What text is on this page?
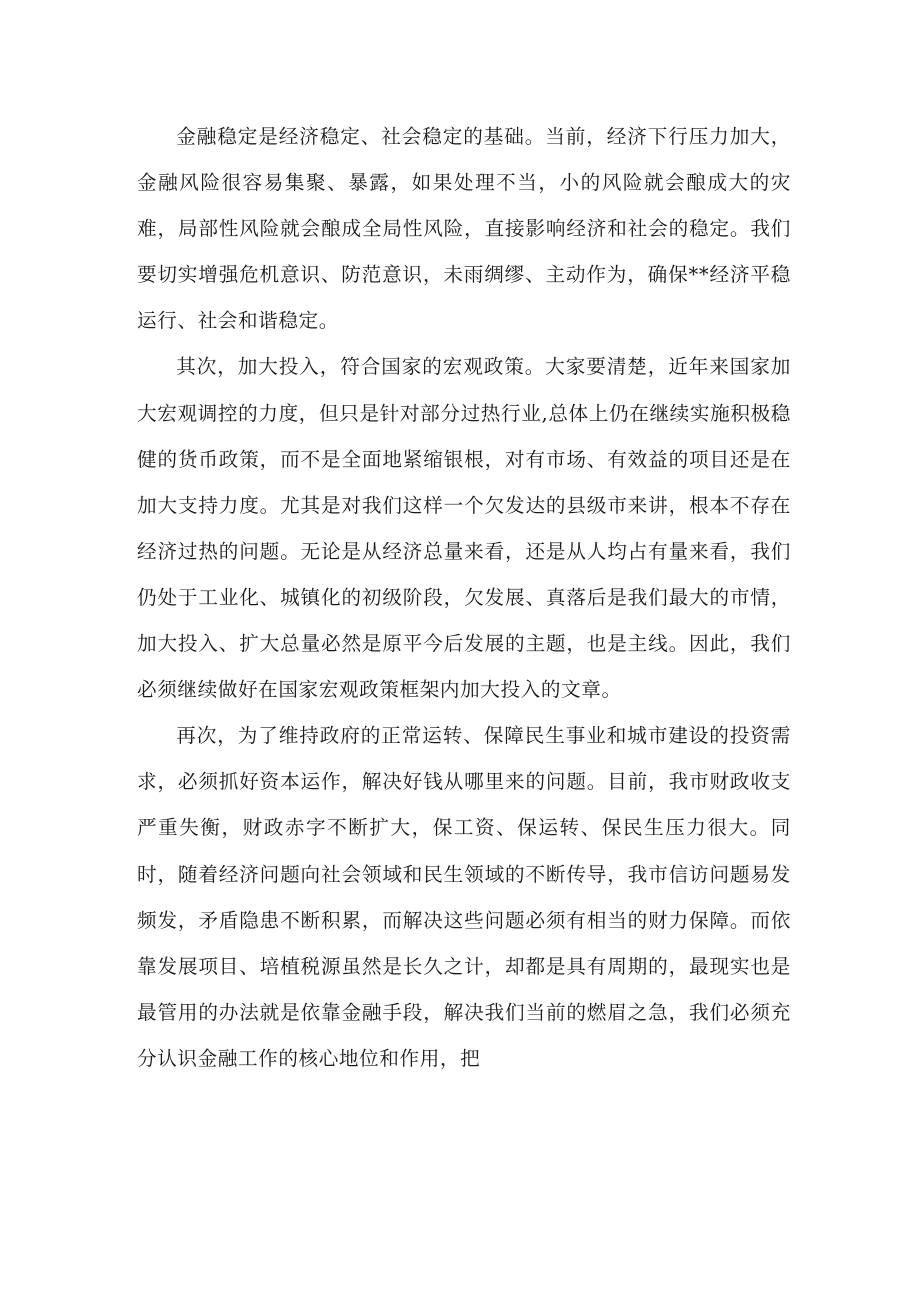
金融稳定是经济稳定、社会稳定的基础。当前，经济下行压力加大，金融风险很容易集聚、暴露，如果处理不当，小的风险就会酿成大的灾难，局部性风险就会酿成全局性风险，直接影响经济和社会的稳定。我们要切实增强危机意识、防范意识，未雨绸缪、主动作为，确保**经济平稳运行、社会和谐稳定。

其次，加大投入，符合国家的宏观政策。大家要清楚，近年来国家加大宏观调控的力度，但只是针对部分过热行业,总体上仍在继续实施积极稳健的货币政策，而不是全面地紧缩银根，对有市场、有效益的项目还是在加大支持力度。尤其是对我们这样一个欠发达的县级市来讲，根本不存在经济过热的问题。无论是从经济总量来看，还是从人均占有量来看，我们仍处于工业化、城镇化的初级阶段，欠发展、真落后是我们最大的市情，加大投入、扩大总量必然是原平今后发展的主题，也是主线。因此，我们必须继续做好在国家宏观政策框架内加大投入的文章。

再次，为了维持政府的正常运转、保障民生事业和城市建设的投资需求，必须抓好资本运作，解决好钱从哪里来的问题。目前，我市财政收支严重失衡，财政赤字不断扩大，保工资、保运转、保民生压力很大。同时，随着经济问题向社会领域和民生领域的不断传导，我市信访问题易发频发，矛盾隐患不断积累，而解决这些问题必须有相当的财力保障。而依靠发展项目、培植税源虽然是长久之计，却都是具有周期的，最现实也是最管用的办法就是依靠金融手段，解决我们当前的燃眉之急，我们必须充分认识金融工作的核心地位和作用，把
